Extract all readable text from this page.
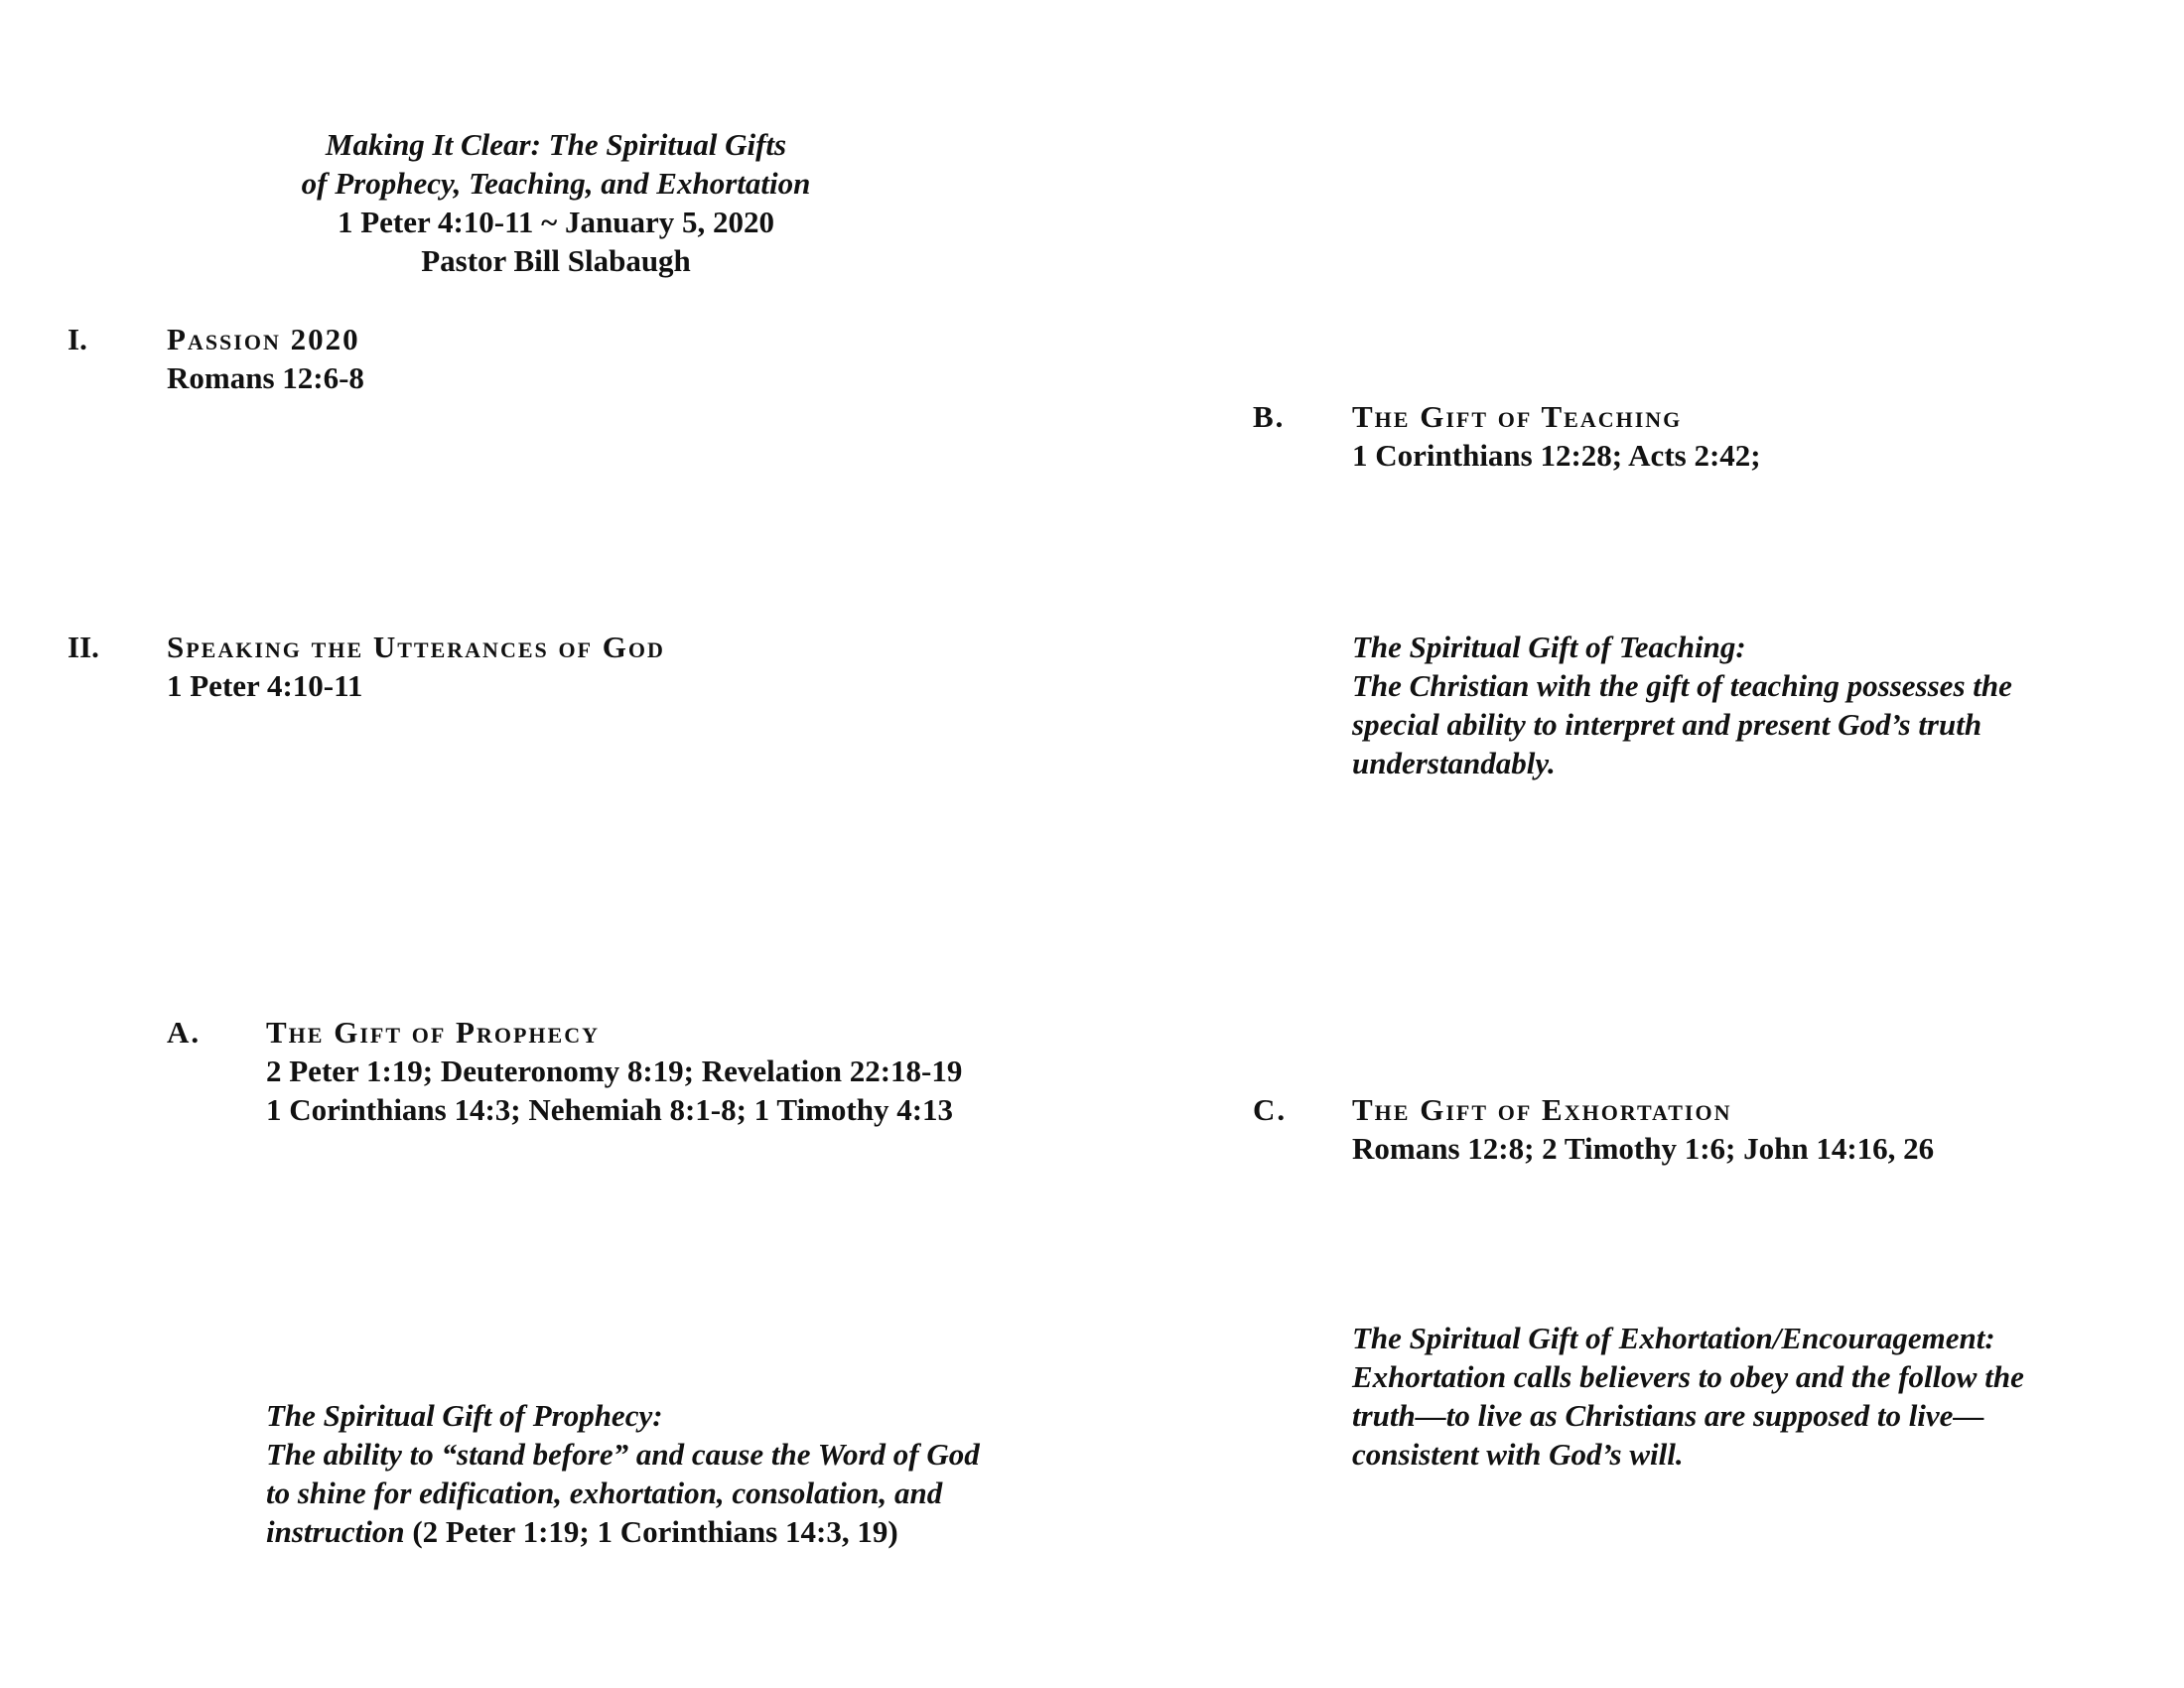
Making It Clear: The Spiritual Gifts
of Prophecy, Teaching, and Exhortation
1 Peter 4:10-11 ~ January 5, 2020
Pastor Bill Slabaugh
I.	Passion 2020
Romans 12:6-8
II. Speaking the Utterances of God
1 Peter 4:10-11
A. The Gift of Prophecy
2 Peter 1:19; Deuteronomy 8:19; Revelation 22:18-19
1 Corinthians 14:3; Nehemiah 8:1-8; 1 Timothy 4:13
The Spiritual Gift of Prophecy:
The ability to “stand before” and cause the Word of God
to shine for edification, exhortation, consolation, and
instruction (2 Peter 1:19; 1 Corinthians 14:3, 19)
B. The Gift of Teaching
1 Corinthians 12:28; Acts 2:42;
The Spiritual Gift of Teaching:
The Christian with the gift of teaching possesses the
special ability to interpret and present God’s truth
understandably.
C. The Gift of Exhortation
Romans 12:8; 2 Timothy 1:6; John 14:16, 26
The Spiritual Gift of Exhortation/Encouragement:
Exhortation calls believers to obey and the follow the
truth—to live as Christians are supposed to live—
consistent with God’s will.
